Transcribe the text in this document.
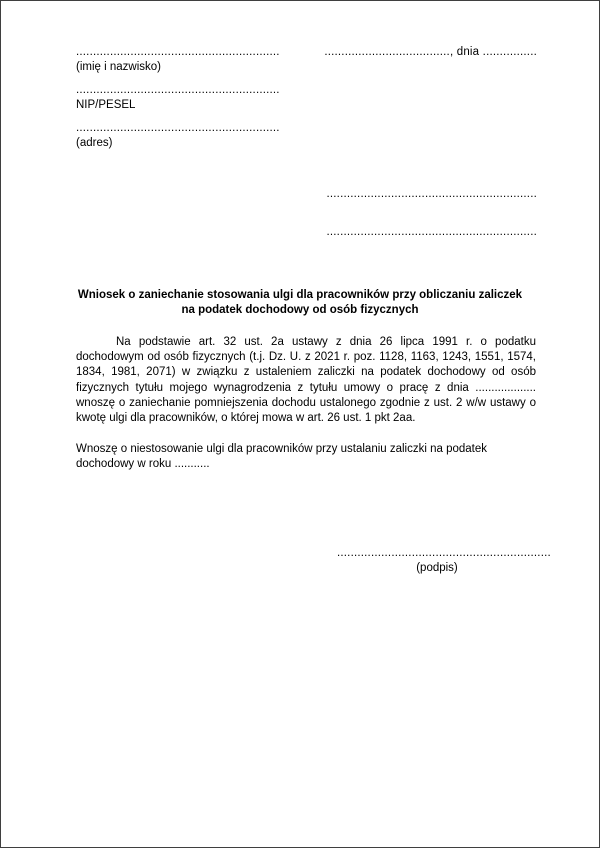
............................................................
(imię i nazwisko)
............................................................
NIP/PESEL
............................................................
(adres)
....................................., dnia ................
..............................................................
..............................................................
Wniosek o zaniechanie stosowania ulgi dla pracowników przy obliczaniu zaliczek
na podatek dochodowy od osób fizycznych

Na podstawie art. 32 ust. 2a ustawy z dnia 26 lipca 1991 r. o podatku dochodowym od osób fizycznych (t.j. Dz. U. z 2021 r. poz. 1128, 1163, 1243, 1551, 1574, 1834, 1981, 2071) w związku z ustaleniem zaliczki na podatek dochodowy od osób fizycznych tytułu mojego wynagrodzenia z tytułu umowy o pracę z dnia ................... wnoszę o zaniechanie pomniejszenia dochodu ustalonego zgodnie z ust. 2 w/w ustawy o kwotę ulgi dla pracowników, o której mowa w art. 26 ust. 1 pkt 2aa.

Wnoszę o niestosowanie ulgi dla pracowników przy ustalaniu zaliczki na podatek dochodowy w roku ...........

...............................................................
(podpis)
